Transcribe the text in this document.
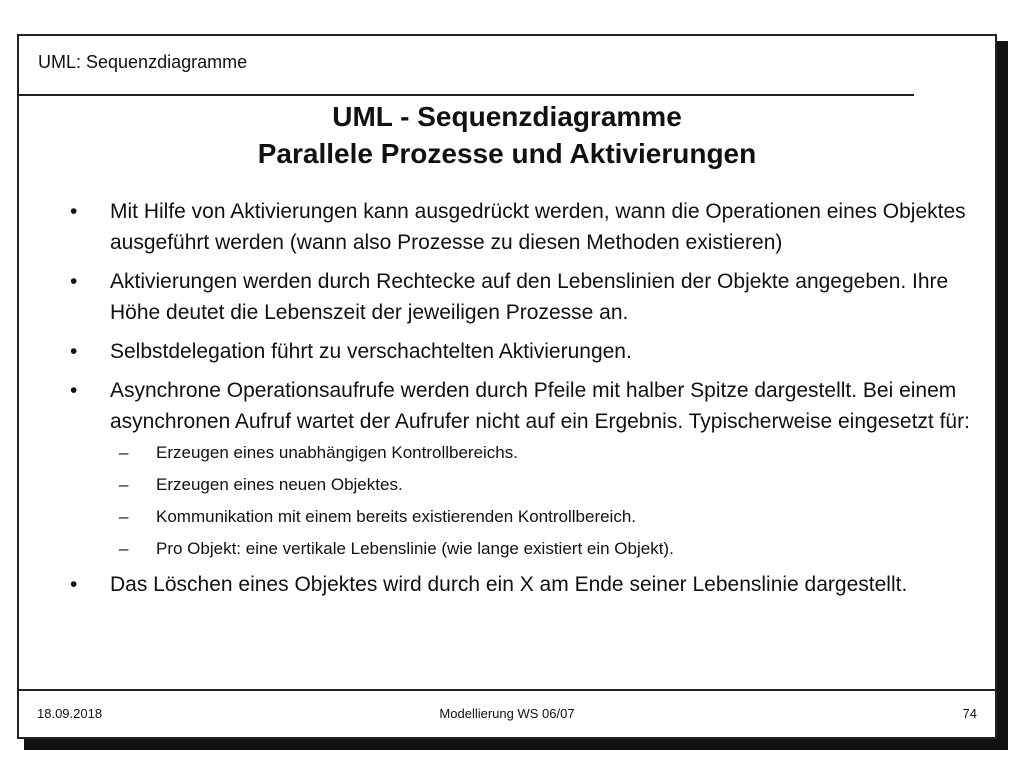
UML: Sequenzdiagramme
UML - Sequenzdiagramme
Parallele Prozesse und Aktivierungen
• Mit Hilfe von Aktivierungen kann ausgedrückt werden, wann die Operationen eines Objektes ausgeführt werden (wann also Prozesse zu diesen Methoden existieren)
• Aktivierungen werden durch Rechtecke auf den Lebenslinien der Objekte angegeben. Ihre Höhe deutet die Lebenszeit der jeweiligen Prozesse an.
• Selbstdelegation führt zu verschachtelten Aktivierungen.
• Asynchrone Operationsaufrufe werden durch Pfeile mit halber Spitze dargestellt. Bei einem asynchronen Aufruf wartet der Aufrufer nicht auf ein Ergebnis. Typischerweise eingesetzt für:
– Erzeugen eines unabhängigen Kontrollbereichs.
– Erzeugen eines neuen Objektes.
– Kommunikation mit einem bereits existierenden Kontrollbereich.
– Pro Objekt: eine vertikale Lebenslinie (wie lange existiert ein Objekt).
• Das Löschen eines Objektes wird durch ein X am Ende seiner Lebenslinie dargestellt.
18.09.2018	Modellierung WS 06/07	74
